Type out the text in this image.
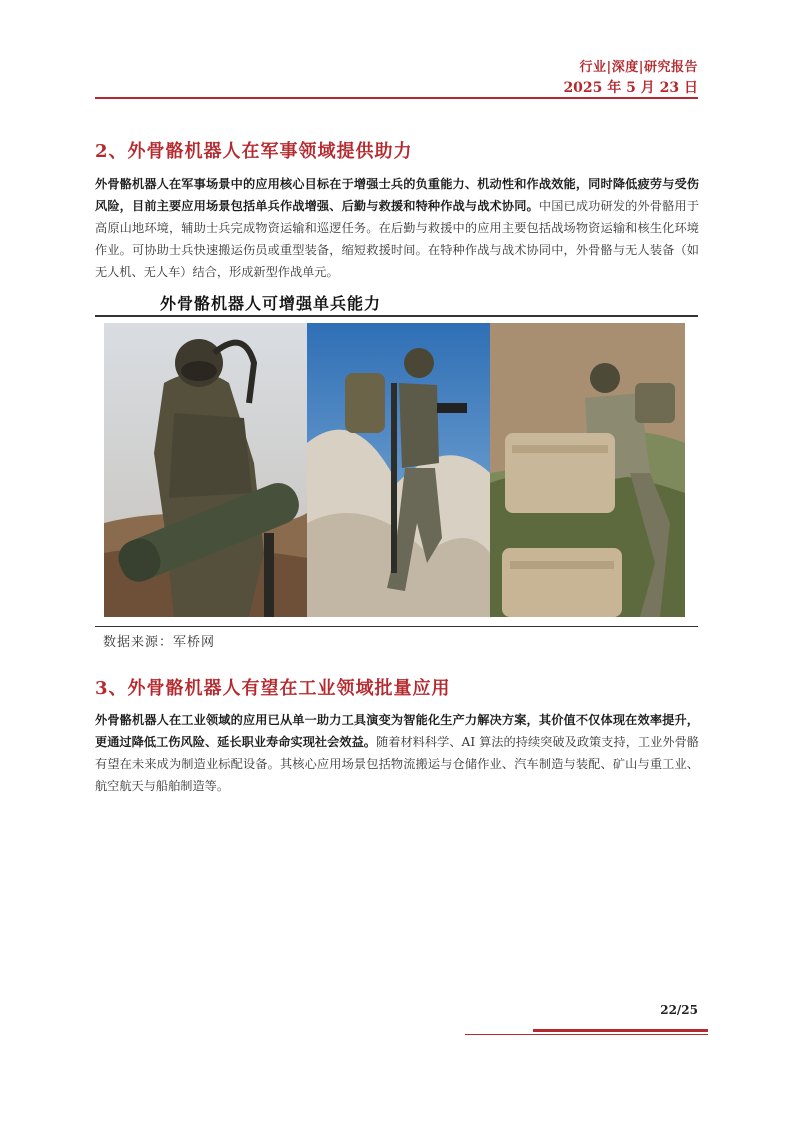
行业|深度|研究报告
2025 年 5 月 23 日
2、外骨骼机器人在军事领域提供助力
外骨骼机器人在军事场景中的应用核心目标在于增强士兵的负重能力、机动性和作战效能，同时降低疲劳与受伤风险，目前主要应用场景包括单兵作战增强、后勤与救援和特种作战与战术协同。中国已成功研发的外骨骼用于高原山地环境，辅助士兵完成物资运输和巡逻任务。在后勤与救援中的应用主要包括战场物资运输和核生化环境作业。可协助士兵快速搬运伤员或重型装备，缩短救援时间。在特种作战与战术协同中，外骨骼与无人装备（如无人机、无人车）结合，形成新型作战单元。
外骨骼机器人可增强单兵能力
数据来源：军桥网
3、外骨骼机器人有望在工业领域批量应用
外骨骼机器人在工业领域的应用已从单一助力工具演变为智能化生产力解决方案，其价值不仅体现在效率提升，更通过降低工伤风险、延长职业寿命实现社会效益。随着材料科学、AI 算法的持续突破及政策支持，工业外骨骼有望在未来成为制造业标配设备。其核心应用场景包括物流搬运与仓储作业、汽车制造与装配、矿山与重工业、航空航天与船舶制造等。
22/25
